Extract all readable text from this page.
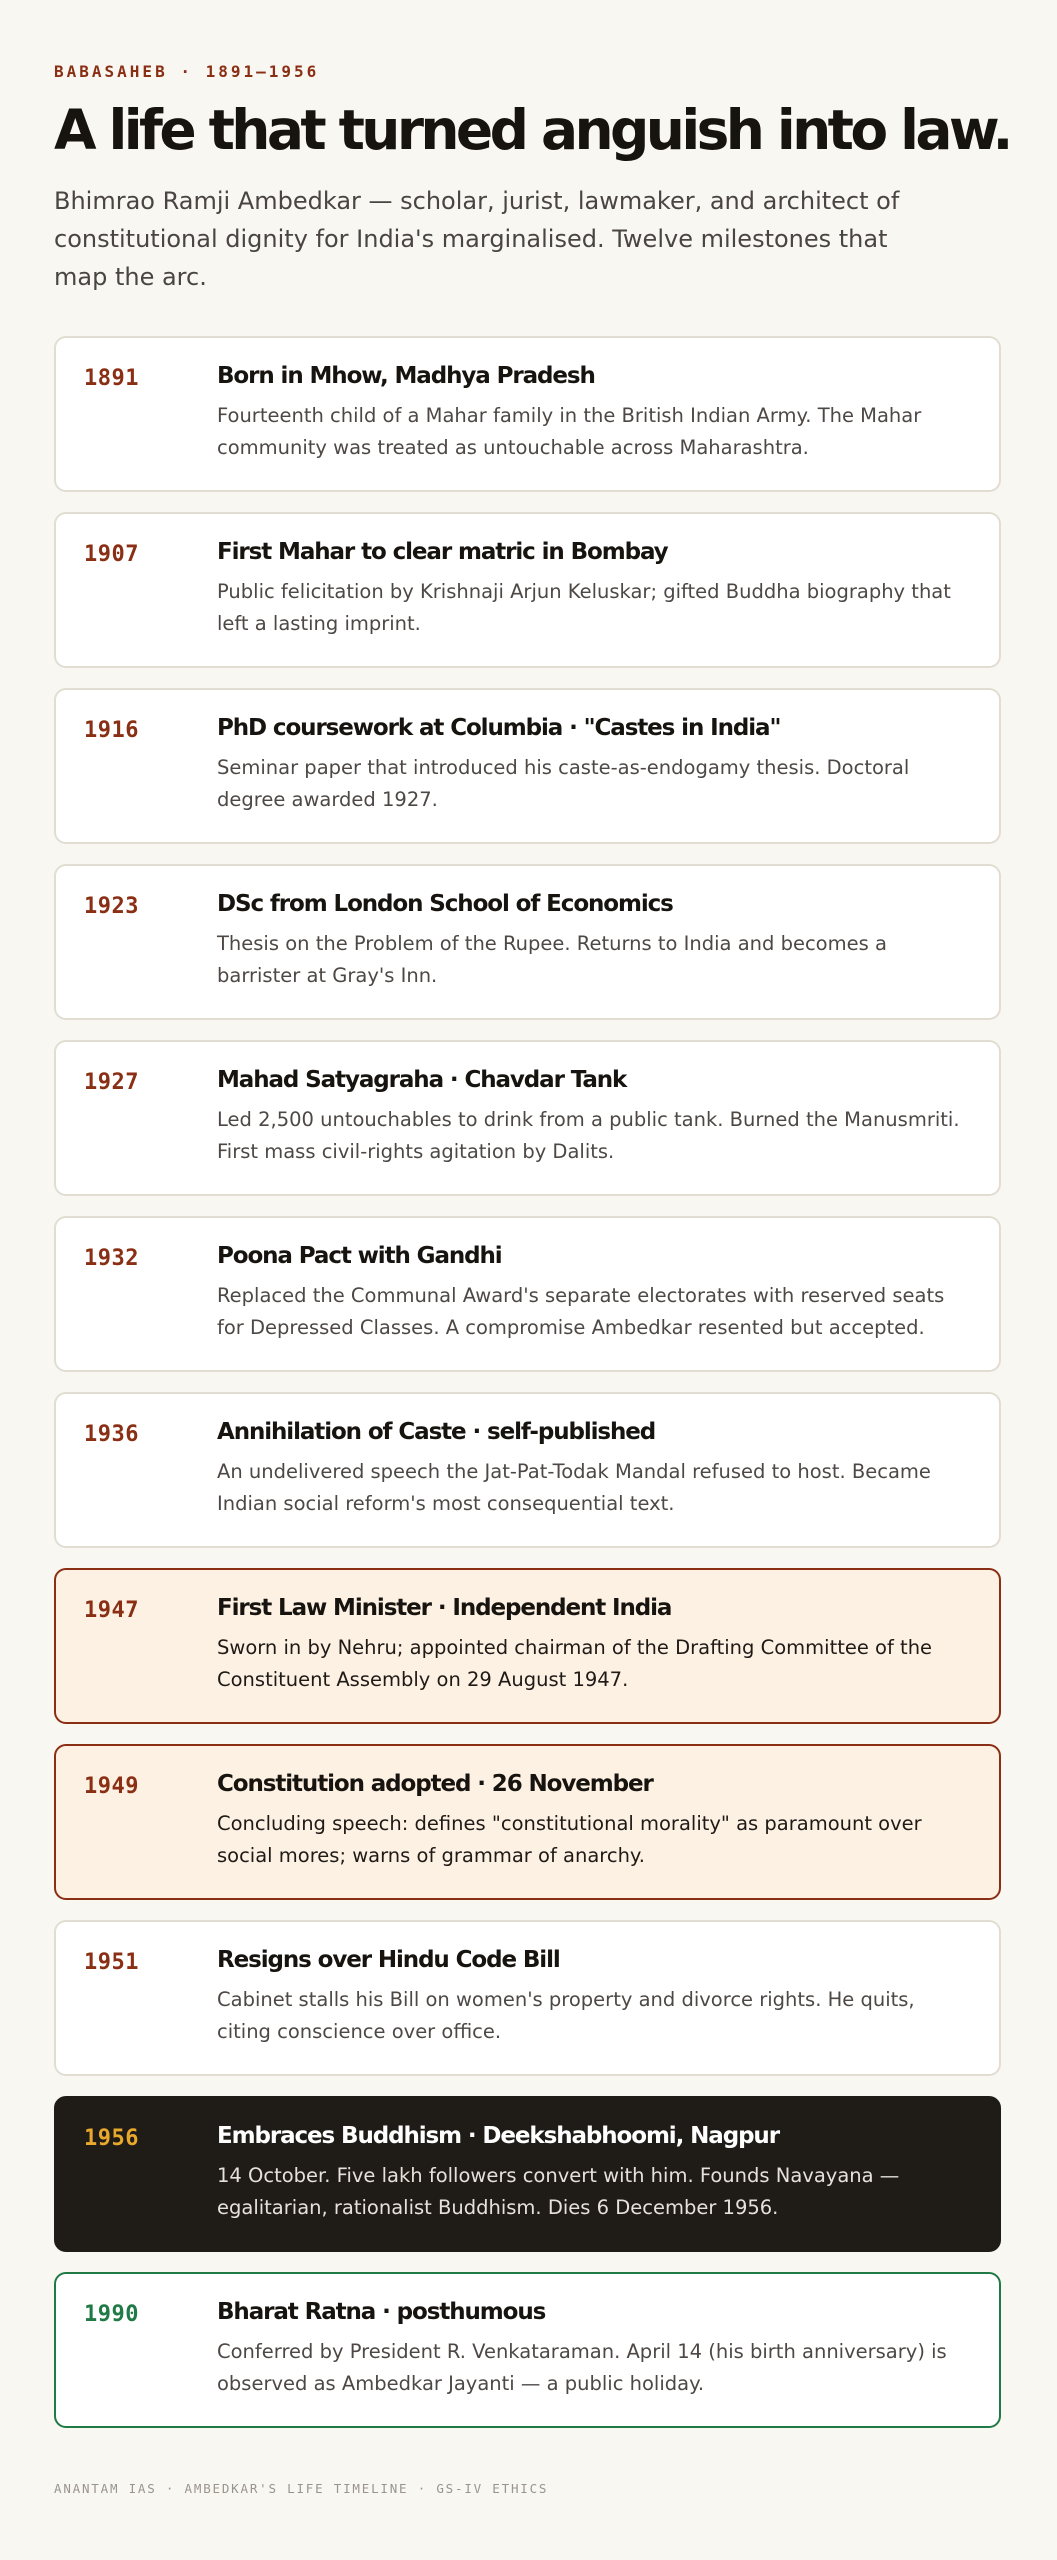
BABASAHEB · 1891–1956
A life that turned anguish into law.

Bhimrao Ramji Ambedkar — scholar, jurist, lawmaker, and architect of constitutional dignity for India's marginalised. Twelve milestones that map the arc.

1891	Born in Mhow, Madhya Pradesh
Fourteenth child of a Mahar family in the British Indian Army. The Mahar community was treated as untouchable across Maharashtra.
1907	First Mahar to clear matric in Bombay
Public felicitation by Krishnaji Arjun Keluskar; gifted Buddha biography that left a lasting imprint.
1916	PhD coursework at Columbia · "Castes in India"
Seminar paper that introduced his caste-as-endogamy thesis. Doctoral degree awarded 1927.
1923	DSc from London School of Economics
Thesis on the Problem of the Rupee. Returns to India and becomes a barrister at Gray's Inn.
1927	Mahad Satyagraha · Chavdar Tank
Led 2,500 untouchables to drink from a public tank. Burned the Manusmriti. First mass civil-rights agitation by Dalits.
1932	Poona Pact with Gandhi
Replaced the Communal Award's separate electorates with reserved seats for Depressed Classes. A compromise Ambedkar resented but accepted.
1936	Annihilation of Caste · self-published
An undelivered speech the Jat-Pat-Todak Mandal refused to host. Became Indian social reform's most consequential text.
1947	First Law Minister · Independent India
Sworn in by Nehru; appointed chairman of the Drafting Committee of the Constituent Assembly on 29 August 1947.
1949	Constitution adopted · 26 November
Concluding speech: defines "constitutional morality" as paramount over social mores; warns of grammar of anarchy.
1951	Resigns over Hindu Code Bill
Cabinet stalls his Bill on women's property and divorce rights. He quits, citing conscience over office.
1956	Embraces Buddhism · Deekshabhoomi, Nagpur
14 October. Five lakh followers convert with him. Founds Navayana — egalitarian, rationalist Buddhism. Dies 6 December 1956.
1990	Bharat Ratna · posthumous
Conferred by President R. Venkataraman. April 14 (his birth anniversary) is observed as Ambedkar Jayanti — a public holiday.
ANANTAM IAS · AMBEDKAR'S LIFE TIMELINE · GS-IV ETHICS
